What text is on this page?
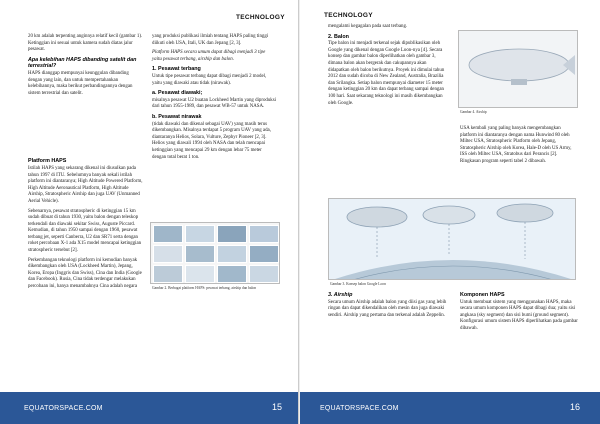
TECHNOLOGY

20 km adalah terpenting anginnya relatif kecil (gambar 1). Ketinggian ini sesuai untuk kamera sudah diatas jalur pesawat.

Apa kelebihan HAPS dibanding satelit dan terrestrial?

HAPS dianggap mempunyai keunggulan dibanding dengan yang lain, dan untuk mempertahankan kelebihannya, maka berikut perbandingannya dengan sistem terrestrial dan satelit.

Platform HAPS

Istilah HAPS yang sekarang dikenal ini diusulkan pada tahun 1997 di ITU. Sebelumnya banyak sekali istilah platform ini diantaranya; High Altitude Powered Platform, High Altitude Aeronautical Platform, High Altitude Airship, Stratospheric Airship dan juga UAV (Unmanned Aerial Vehicle).

Sebenarnya, pesawat stratospheric di ketinggian 15 km sudah dibuat di tahun 1930, yaitu balon dengan teleskop terkendali dan diawaki sekitar Swiss, Auguste Piccard. Kemudian, di tahun 1950 sampai dengan 1960, pesawat terbang jet, seperti Canberra, U2 dan SR71 serta dengan roket percobaan X-1 ada X15 model mencapai ketinggian stratospheric tersebut [2].

Perkembangan teknologi platform ini kemudian banyak dikembangkan oleh USA (Lockheed Martin), Jepang, Korea, Eropa (Inggris dan Swiss), Cina dan India (Google dan Facebook). Rusia, Cina tidak terdengar melakukan percobaan ini, hanya menambahnya Cina adalah negara

yang produksi publikasi ilmiah tentang HAPS paling tinggi diikuti oleh USA, Itali, UK dan Jepang [2, 3].

Platform HAPS secara umum dapat dibagi menjadi 3 tipe yaitu pesawat terbang, airship dan balon.

1. Pesawat terbang

Untuk tipe pesawat terbang dapat dibagi menjadi 2 model, yaitu yang diawaki atau tidak (nirawak).

a. Pesawat diawaki;

misalnya pesawat U2 buatan Lockheed Martin yang diproduksi dari tahun 1955-1989, dan pesawat WB-57 untuk NASA.

b. Pesawat nirawak

(tidak diawaki dan dikenal sebagai UAV) yang masih terus dikembangkan. Misalnya terdapat 5 program UAV yang ada, diantaranya Helios, Solara, Vulture, Zephyr Pioneer [2, 3]. Helios yang diawali 1994 oleh NASA dan telah mencapai ketinggian yang mencapai 29 km dengan lebar 75 meter dengan total berat 1 ton.

Gambar 2. Berbagai platform HAPS: pesawat terbang, airship dan balon
EQUATORSPACE.COM	15
TECHNOLOGY

mengalami kegagalan pada saat terbang.

2. Balon

Tipe balon ini menjadi terkenal sejak dipublikasikan oleh Google yang dikenal dengan Google Loon-nya [4]. Secara konsep dan gambar balon diperlihatkan oleh gambar 3, dimana balon akan bergerak dan cakupannya akan didapatkan oleh balon berikutnya. Proyek ini dimulai tahun 2012 dan sudah dicoba di New Zealand, Australia, Brazilia dan Srilangka. Setiap balon mempunyai diameter 15 meter dengan ketinggian 20 km dan dapat terbang sampai dengan 100 hari. Saat sekarang teknologi ini masih dikembangkan oleh Google.

Gambar 3. Konsep balon Google Loon
3. Airship

Secara umum Airship adalah balon yang diisi gas yang lebih ringan dan dapat dikendalikan oleh mesin dan juga diawaki sendiri. Airship yang pertama dan terkenal adalah Zeppelin.

USA kembali yang paling banyak mengembangkan platform ini diantaranya dengan nama Hunwind 80 oleh Miltec USA, Stratospheric Platform oleh Jepang, Stratospheric Airship oleh Korea, Hale-D oleh US Army, ISS oleh Miltec USA, Stratobus dari Perancis [2]. Ringkasan program seperti tabel 2 dibawah.

Komponen HAPS

Untuk membuat sistem yang menggunakan HAPS, maka secara umum komponen HAPS dapat dibagi dua; yaitu sisi angkasa (sky segment) dan sisi bumi (ground segment). Konfigurasi umum sistem HAPS diperlihatkan pada gambar dibawah.

Gambar 4. Airship
EQUATORSPACE.COM	16
